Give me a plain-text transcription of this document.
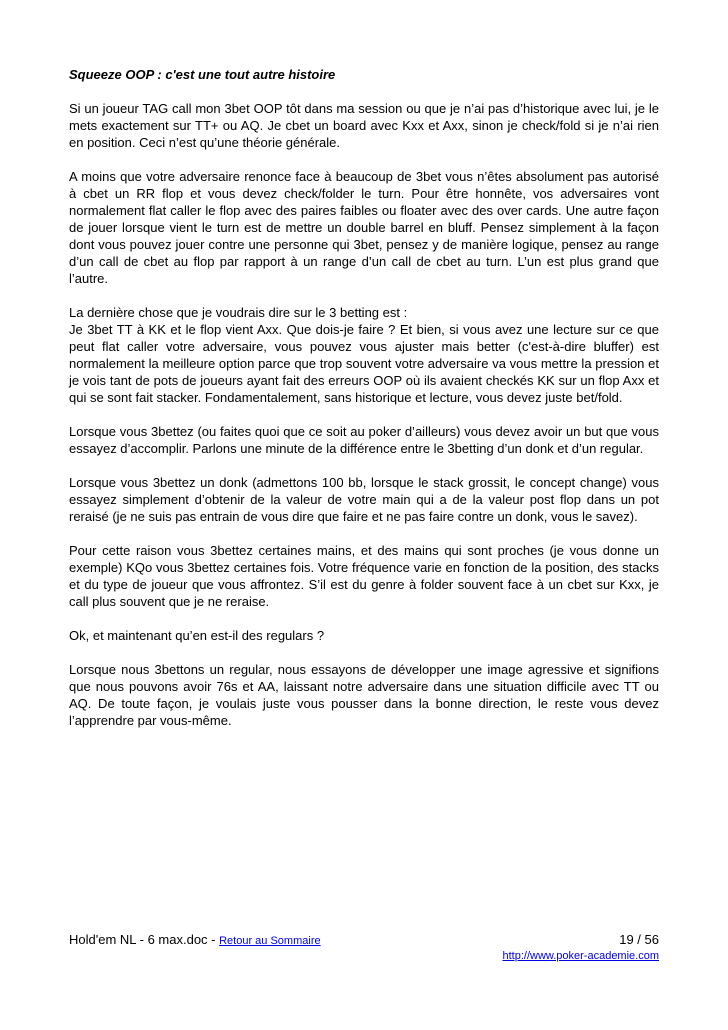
Squeeze OOP : c'est une tout autre histoire
Si un joueur TAG call mon 3bet OOP tôt dans ma session ou que je n’ai pas d’historique avec lui, je le mets exactement sur TT+ ou AQ. Je cbet un board avec Kxx et Axx, sinon je check/fold si je n’ai rien en position. Ceci n’est qu’une théorie générale.
A moins que votre adversaire renonce face à beaucoup de 3bet vous n’êtes absolument pas autorisé à cbet un RR flop et vous devez check/folder le turn. Pour être honnête, vos adversaires vont normalement flat caller le flop avec des paires faibles ou floater avec des over cards. Une autre façon de jouer lorsque vient le turn est de mettre un double barrel en bluff. Pensez simplement à la façon dont vous pouvez jouer contre une personne qui 3bet, pensez y de manière logique, pensez au range d’un call de cbet au flop par rapport à un range d’un call de cbet au turn. L’un est plus grand que l’autre.
La dernière chose que je voudrais dire sur le 3 betting est :
Je 3bet TT à KK et le flop vient Axx. Que dois-je faire ? Et bien, si vous avez une lecture sur ce que peut flat caller votre adversaire, vous pouvez vous ajuster mais better (c'est-à-dire bluffer) est normalement la meilleure option parce que trop souvent votre adversaire va vous mettre la pression et je vois tant de pots de joueurs ayant fait des erreurs OOP où ils avaient checkés KK sur un flop Axx et qui se sont fait stacker. Fondamentalement, sans historique et lecture, vous devez juste bet/fold.
Lorsque vous 3bettez (ou faites quoi que ce soit au poker d’ailleurs) vous devez avoir un but que vous essayez d’accomplir. Parlons une minute de la différence entre le 3betting d’un donk et d’un regular.
Lorsque vous 3bettez un donk (admettons 100 bb, lorsque le stack grossit, le concept change) vous essayez simplement d’obtenir de la valeur de votre main qui a de la valeur post flop dans un pot reraisé (je ne suis pas entrain de vous dire que faire et ne pas faire contre un donk, vous le savez).
Pour cette raison vous 3bettez certaines mains, et des mains qui sont proches (je vous donne un exemple) KQo vous 3bettez certaines fois. Votre fréquence varie en fonction de la position, des stacks et du type de joueur que vous affrontez. S’il est du genre à folder souvent face à un cbet sur Kxx, je call plus souvent que je ne reraise.
Ok, et maintenant qu’en est-il des regulars ?
Lorsque nous 3bettons un regular, nous essayons de développer une image agressive et signifions que nous pouvons avoir 76s et AA, laissant notre adversaire dans une situation difficile avec TT ou AQ. De toute façon, je voulais juste vous pousser dans la bonne direction, le reste vous devez l’apprendre par vous-même.
Hold'em NL - 6 max.doc - Retour au Sommaire	19 / 56
http://www.poker-academie.com
